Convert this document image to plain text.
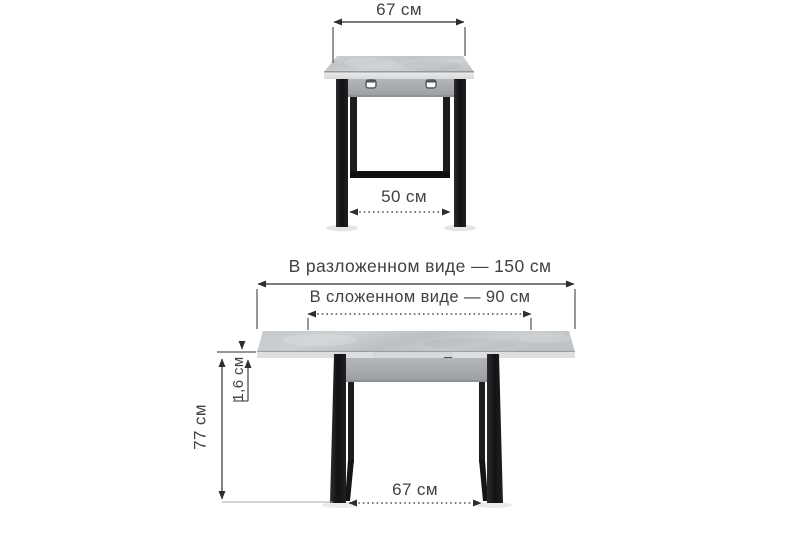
67 см
50 см
В разложенном виде — 150 см
В сложенном виде — 90 см
1,6 см
77 см
67 см
